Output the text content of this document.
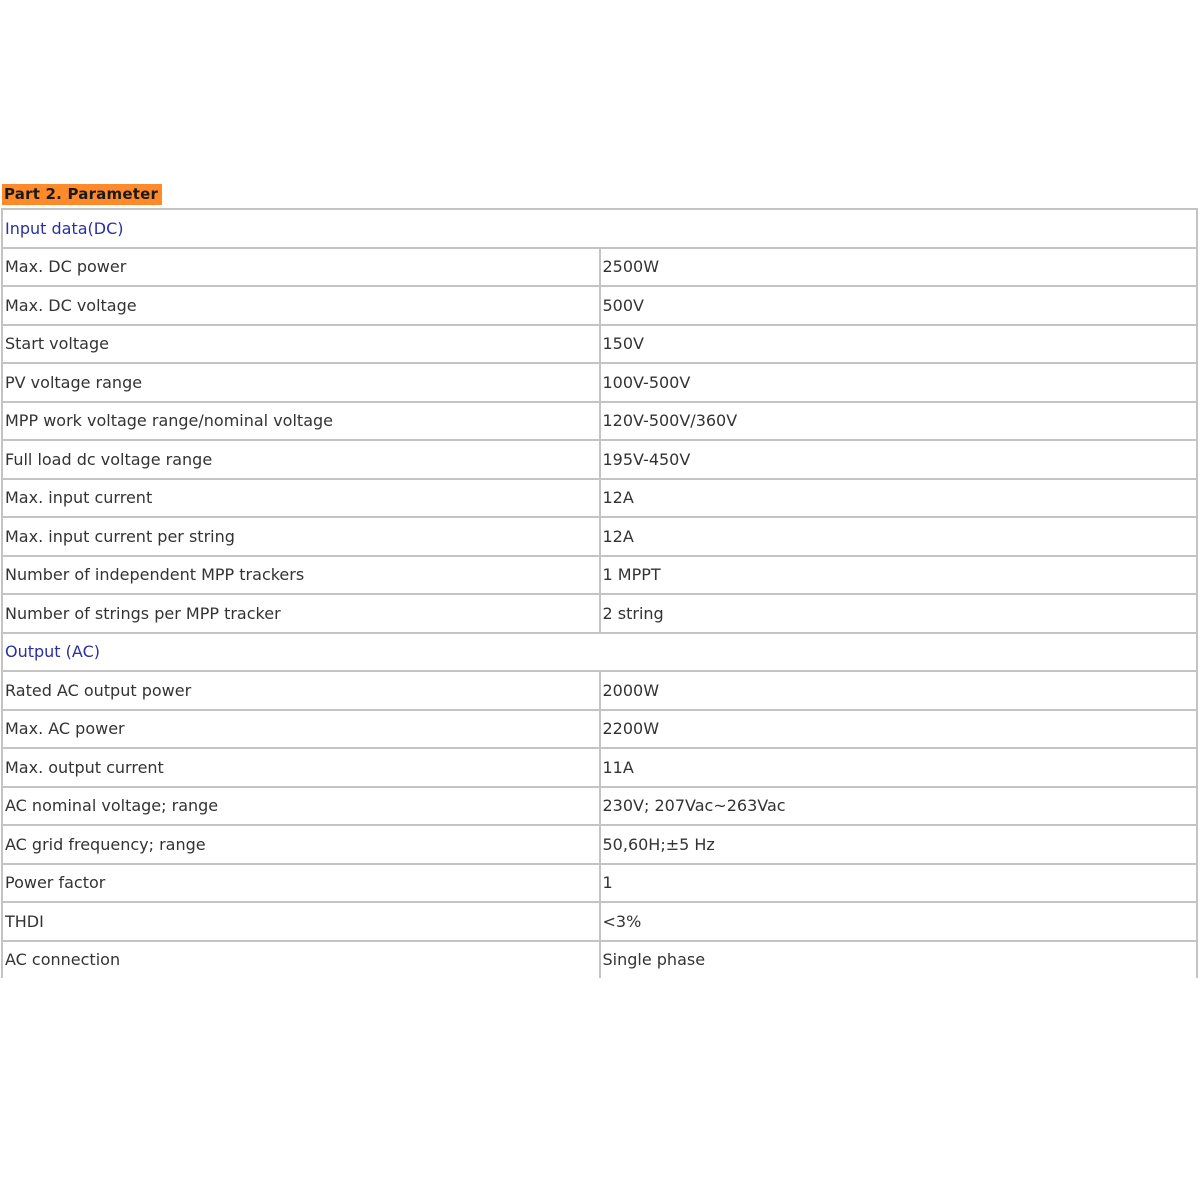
Part 2. Parameter
Input data(DC)	
Max. DC power	2500W
Max. DC voltage	500V
Start voltage	150V
PV voltage range	100V-500V
MPP work voltage range/nominal voltage	120V-500V/360V
Full load dc voltage range	195V-450V
Max. input current	12A
Max. input current per string	12A
Number of independent MPP trackers	1 MPPT
Number of strings per MPP tracker	2 string
Output (AC)	
Rated AC output power	2000W
Max. AC power	2200W
Max. output current	11A
AC nominal voltage; range	230V; 207Vac~263Vac
AC grid frequency; range	50,60H;±5 Hz
Power factor	1
THDI	<3%
AC connection	Single phase
